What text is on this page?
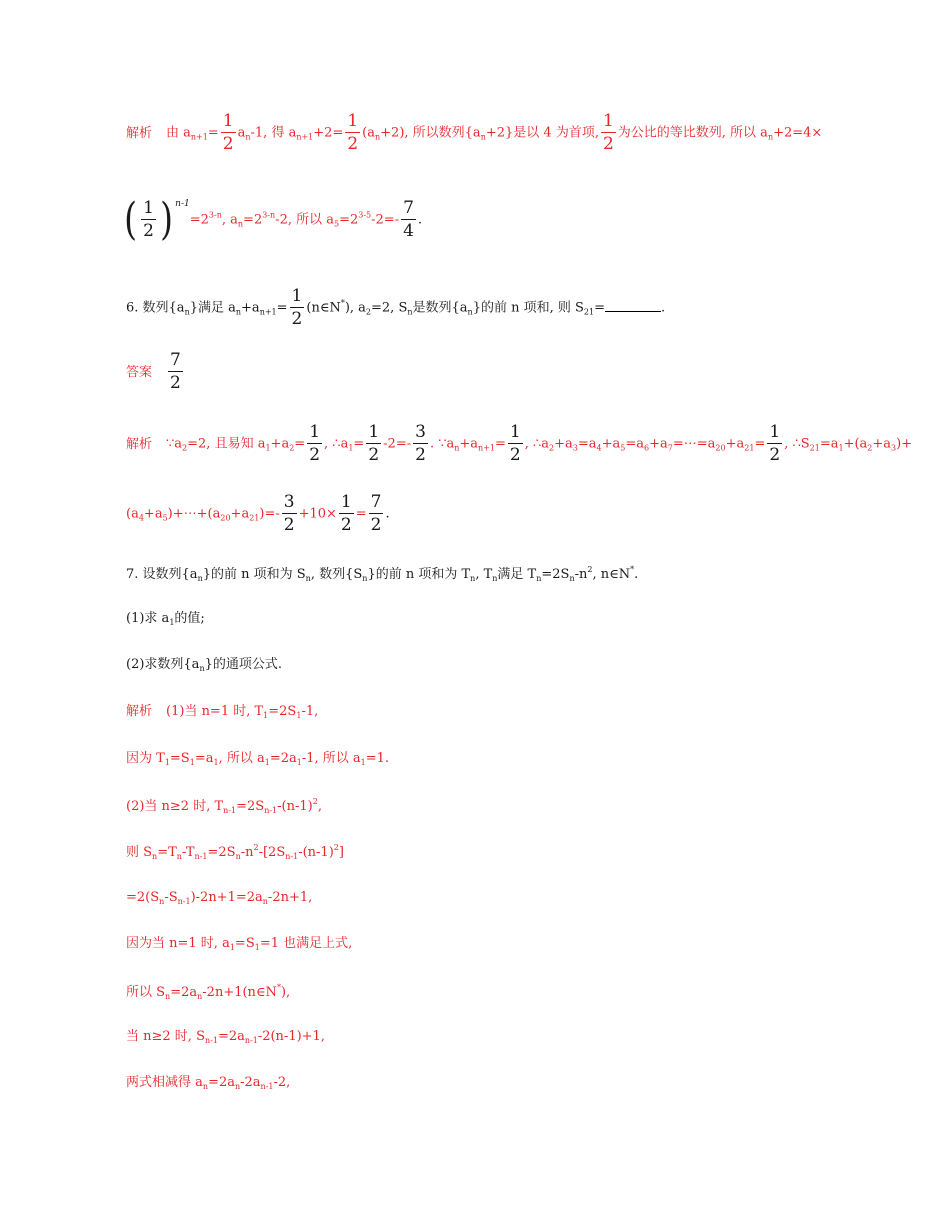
解析 由 $a_{n+1}= \frac{1}{2} a_n-1$, 得 $a_{n+1}+2= \frac{1}{2} (a_n+2)$, 所以数列$\{a_n+2\}$是以 4 为首项, $\frac{1}{2}$ 为公比的等比数列, 所以 $a_n+2=4\times$
( $\frac{1}{2}$ ) $^{n-1}=2^{3-n}$, $a_n=2^{3-n}-2$, 所以 $a_5=2^{3-5}-2=- \frac{7}{4}$ .
6. 数列$\{a_n\}$满足 $a_n+a_{n+1}= \frac{1}{2}$ (n∈N*), $a_2=2$, $S_n$是数列$\{a_n\}$的前 n 项和, 则 $S_{21}=$	.
答案 $\frac{7}{2}$
解析 $\because a_2=2$, 且易知 $a_1+a_2= \frac{1}{2}$ , $\therefore a_1= \frac{1}{2} -2=- \frac{3}{2}$ . $\because a_n+a_{n+1}= \frac{1}{2}$ , $\therefore a_2+a_3=a_4+a_5=a_6+a_7=\cdots=a_{20}+a_{21}= \frac{1}{2}$ , $\therefore S_{21}=a_1+(a_2+a_3)+$
$(a_4+a_5)+\cdots+(a_{20}+a_{21})=- \frac{3}{2} +10\times \frac{1}{2} = \frac{7}{2}$ .
7. 设数列$\{a_n\}$的前 n 项和为 $S_n$, 数列$\{S_n\}$的前 n 项和为 $T_n$, $T_n$满足 $T_n=2S_n-n^2$, n∈N*.
(1)求 $a_1$的值;
(2)求数列$\{a_n\}$的通项公式.
解析 (1)当 n=1 时, $T_1=2S_1-1$,
因为 $T_1=S_1=a_1$, 所以 $a_1=2a_1-1$, 所以 $a_1=1$.
(2)当 n≥2 时, $T_{n-1}=2S_{n-1}-(n-1)^2$,
则 $S_n=T_n-T_{n-1}=2S_n-n^2-[2S_{n-1}-(n-1)^2]$
$=2(S_n-S_{n-1})-2n+1=2a_n-2n+1$,
因为当 n=1 时, $a_1=S_1=1$ 也满足上式,
所以 $S_n=2a_n-2n+1(n\in N^*)$,
当 n≥2 时, $S_{n-1}=2a_{n-1}-2(n-1)+1$,
两式相减得 $a_n=2a_n-2a_{n-1}-2$,
